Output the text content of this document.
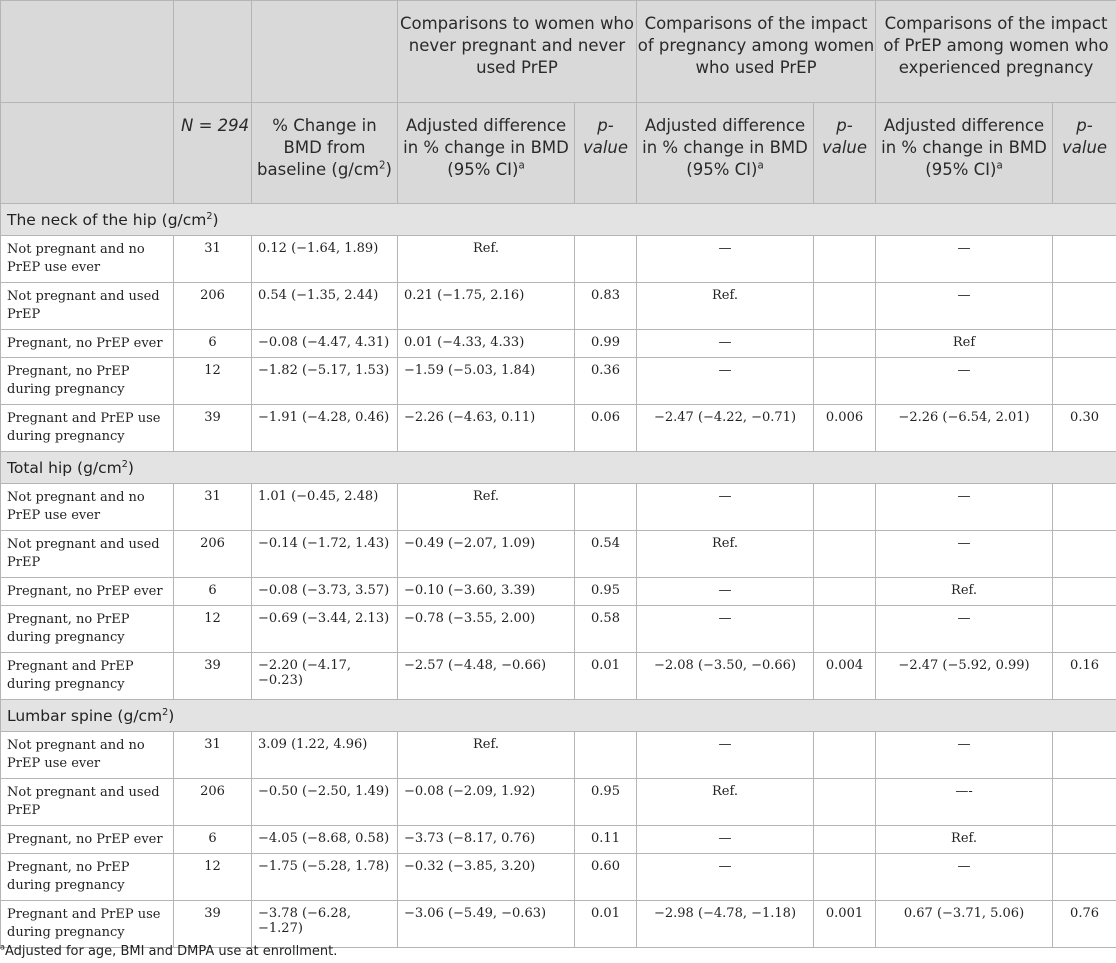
			Comparisons to women who never pregnant and never used PrEP		Comparisons of the impact of pregnancy among women who used PrEP		Comparisons of the impact of PrEP among women who experienced pregnancy	
	N = 294	% Change in BMD from baseline $(g/cm^2)$	Adjusted difference in % change in BMD (95% CI)$^a$	p-value	Adjusted difference in % change in BMD (95% CI)$^a$	p-value	Adjusted difference in % change in BMD (95% CI)$^a$	p-value
The neck of the hip $(g/cm^2)$								
Not pregnant and no PrEP use ever	31	0.12 (−1.64, 1.89)	Ref.		—		—	
Not pregnant and used PrEP	206	0.54 (−1.35, 2.44)	0.21 (−1.75, 2.16)	0.83	Ref.		—	
Pregnant, no PrEP ever	6	−0.08 (−4.47, 4.31)	0.01 (−4.33, 4.33)	0.99	—		Ref	
Pregnant, no PrEP during pregnancy	12	−1.82 (−5.17, 1.53)	−1.59 (−5.03, 1.84)	0.36	—		—	
Pregnant and PrEP use during pregnancy	39	−1.91 (−4.28, 0.46)	−2.26 (−4.63, 0.11)	0.06	−2.47 (−4.22, −0.71)	0.006	−2.26 (−6.54, 2.01)	0.30
Total hip $(g/cm^2)$								
Not pregnant and no PrEP use ever	31	1.01 (−0.45, 2.48)	Ref.		—		—	
Not pregnant and used PrEP	206	−0.14 (−1.72, 1.43)	−0.49 (−2.07, 1.09)	0.54	Ref.		—	
Pregnant, no PrEP ever	6	−0.08 (−3.73, 3.57)	−0.10 (−3.60, 3.39)	0.95	—		Ref.	
Pregnant, no PrEP during pregnancy	12	−0.69 (−3.44, 2.13)	−0.78 (−3.55, 2.00)	0.58	—		—	
Pregnant and PrEP during pregnancy	39	−2.20 (−4.17, −0.23)	−2.57 (−4.48, −0.66)	0.01	−2.08 (−3.50, −0.66)	0.004	−2.47 (−5.92, 0.99)	0.16
Lumbar spine $(g/cm^2)$								
Not pregnant and no PrEP use ever	31	3.09 (1.22, 4.96)	Ref.		—		—	
Not pregnant and used PrEP	206	−0.50 (−2.50, 1.49)	−0.08 (−2.09, 1.92)	0.95	Ref.		—-	
Pregnant, no PrEP ever	6	−4.05 (−8.68, 0.58)	−3.73 (−8.17, 0.76)	0.11	—		Ref.	
Pregnant, no PrEP during pregnancy	12	−1.75 (−5.28, 1.78)	−0.32 (−3.85, 3.20)	0.60	—		—	
Pregnant and PrEP use during pregnancy	39	−3.78 (−6.28, −1.27)	−3.06 (−5.49, −0.63)	0.01	−2.98 (−4.78, −1.18)	0.001	0.67 (−3.71, 5.06)	0.76
$^a$Adjusted for age, BMI and DMPA use at enrollment.
